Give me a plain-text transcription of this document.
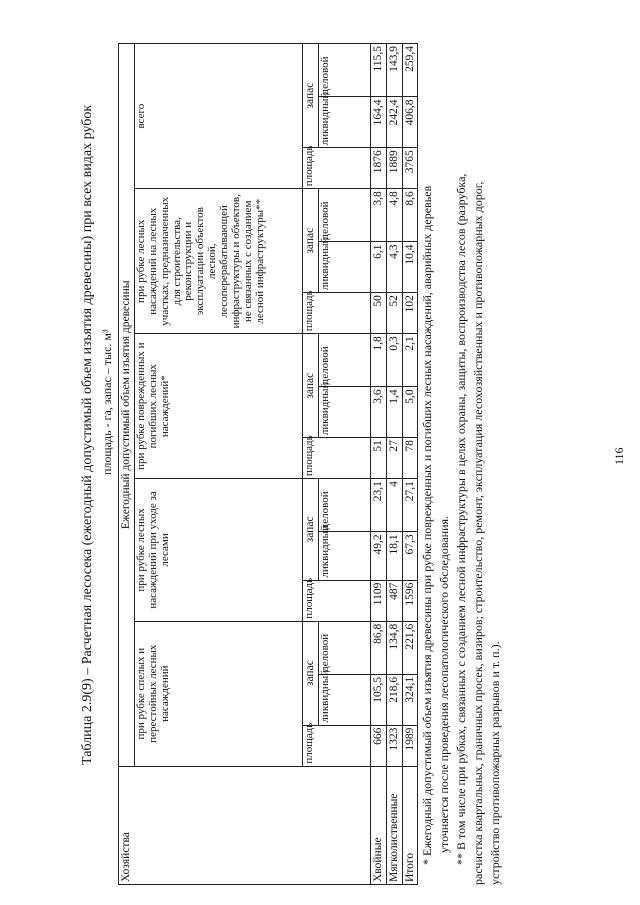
Таблица 2.9(9) – Расчетная лесосека (ежегодный допустимый объем изъятия древесины) при всех видах рубок площадь - га, запас – тыс. м³
Хозяйства	Ежегодный допустимый объем изъятия древесины														
	при рубке спелых и перестойных лесных насаждений			при рубке лесных насаждений при уходе за лесами			при рубке поврежденных и погибших лесных насаждений*			при рубке лесных насаждений на лесных участках, предназначенных для строительства, реконструкции и эксплуатации объектов лесной, лесоперерабатывающей инфраструктуры и объектов, не связанных с созданием лесной инфраструктуры**			всего		
	площадь	запас		площадь	запас		площадь	запас		площадь	запас		площадь	запас	
		ликвидный	деловой		ликвидный	деловой		ликвидный	деловой		ликвидный	деловой		ликвидный	деловой
Хвойные	666	105,5	86,8	1109	49,2	23,1	51	3,6	1,8	50	6,1	3,8	1876	164,4	115,5
Мягколиственные	1323	218,6	134,8	487	18,1	4	27	1,4	0,3	52	4,3	4,8	1889	242,4	143,9
Итого	1989	324,1	221,6	1596	67,3	27,1	78	5,0	2,1	102	10,4	8,6	3765	406,8	259,4
* Ежегодный допустимый объем изъятия древесины при рубке поврежденных и погибших лесных насаждений, аварийных деревьев уточняется после проведения лесопатологического обследования. ** В том числе при рубках, связанных с созданием лесной инфраструктуры в целях охраны, защиты, воспроизводства лесов (разрубка, расчистка квартальных, граничных просек, визиров; строительство, ремонт, эксплуатация лесохозяйственных и противопожарных дорог, устройство противопожарных разрывов и т. п.).
116
